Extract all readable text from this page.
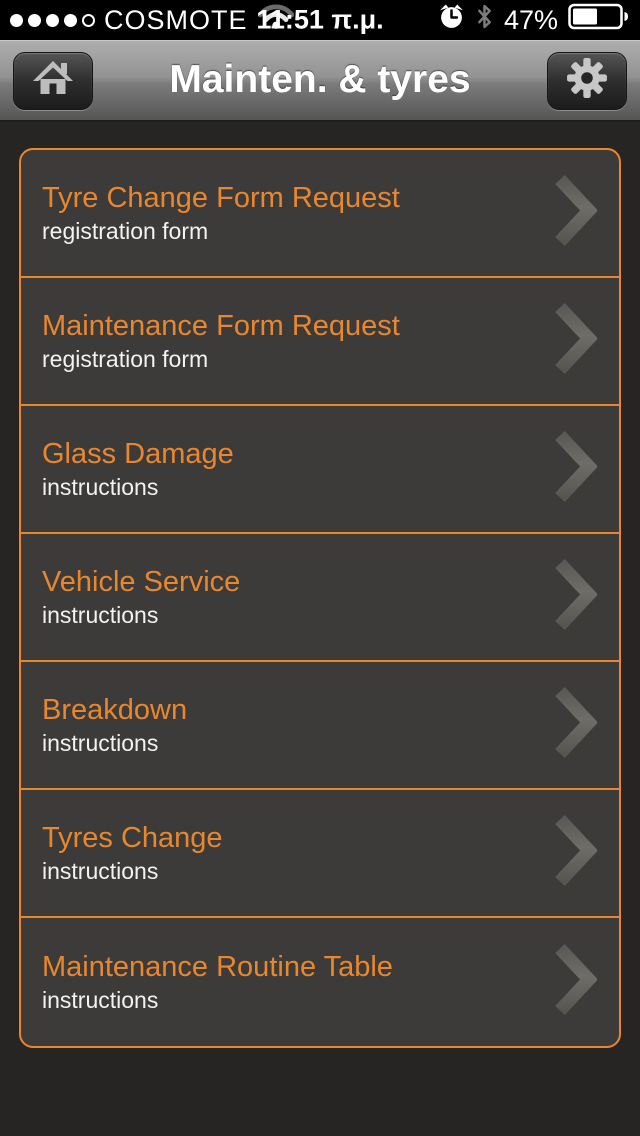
COSMOTE 11:51 π.μ.	47%
Mainten. & tyres
Tyre Change Form Request
registration form
Maintenance Form Request
registration form
Glass Damage
instructions
Vehicle Service
instructions
Breakdown
instructions
Tyres Change
instructions
Maintenance Routine Table
instructions
